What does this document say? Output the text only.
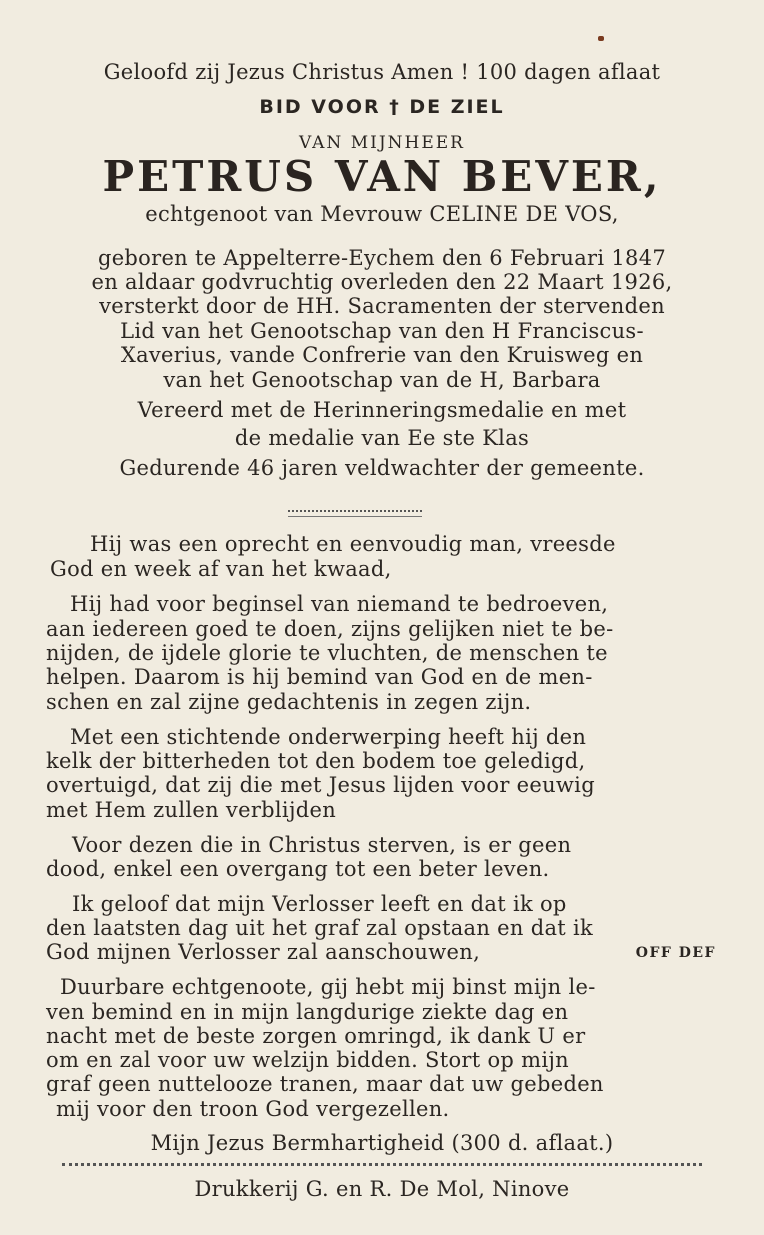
Geloofd zij Jezus Christus Amen ! 100 dagen aflaat
BID VOOR † DE ZIEL
VAN MIJNHEER
PETRUS VAN BEVER,
echtgenoot van Mevrouw CELINE DE VOS,
geboren te Appelterre-Eychem den 6 Februari 1847
en aldaar godvruchtig overleden den 22 Maart 1926,
versterkt door de HH. Sacramenten der stervenden
Lid van het Genootschap van den H Franciscus-
Xaverius, vande Confrerie van den Kruisweg en
van het Genootschap van de H, Barbara
Vereerd met de Herinneringsmedalie en met
de medalie van Ee ste Klas
Gedurende 46 jaren veldwachter der gemeente.
Hij was een oprecht en eenvoudig man, vreesde
God en week af van het kwaad,
Hij had voor beginsel van niemand te bedroeven,
aan iedereen goed te doen, zijns gelijken niet te be-
nijden, de ijdele glorie te vluchten, de menschen te
helpen. Daarom is hij bemind van God en de men-
schen en zal zijne gedachtenis in zegen zijn.
Met een stichtende onderwerping heeft hij den
kelk der bitterheden tot den bodem toe geledigd,
overtuigd, dat zij die met Jesus lijden voor eeuwig
met Hem zullen verblijden
Voor dezen die in Christus sterven, is er geen
dood, enkel een overgang tot een beter leven.
Ik geloof dat mijn Verlosser leeft en dat ik op
den laatsten dag uit het graf zal opstaan en dat ik
God mijnen Verlosser zal aanschouwen,	OFF DEF
Duurbare echtgenoote, gij hebt mij binst mijn le-
ven bemind en in mijn langdurige ziekte dag en
nacht met de beste zorgen omringd, ik dank U er
om en zal voor uw welzijn bidden. Stort op mijn
graf geen nuttelooze tranen, maar dat uw gebeden
mij voor den troon God vergezellen.
Mijn Jezus Bermhartigheid (300 d. aflaat.)
Drukkerij G. en R. De Mol, Ninove
